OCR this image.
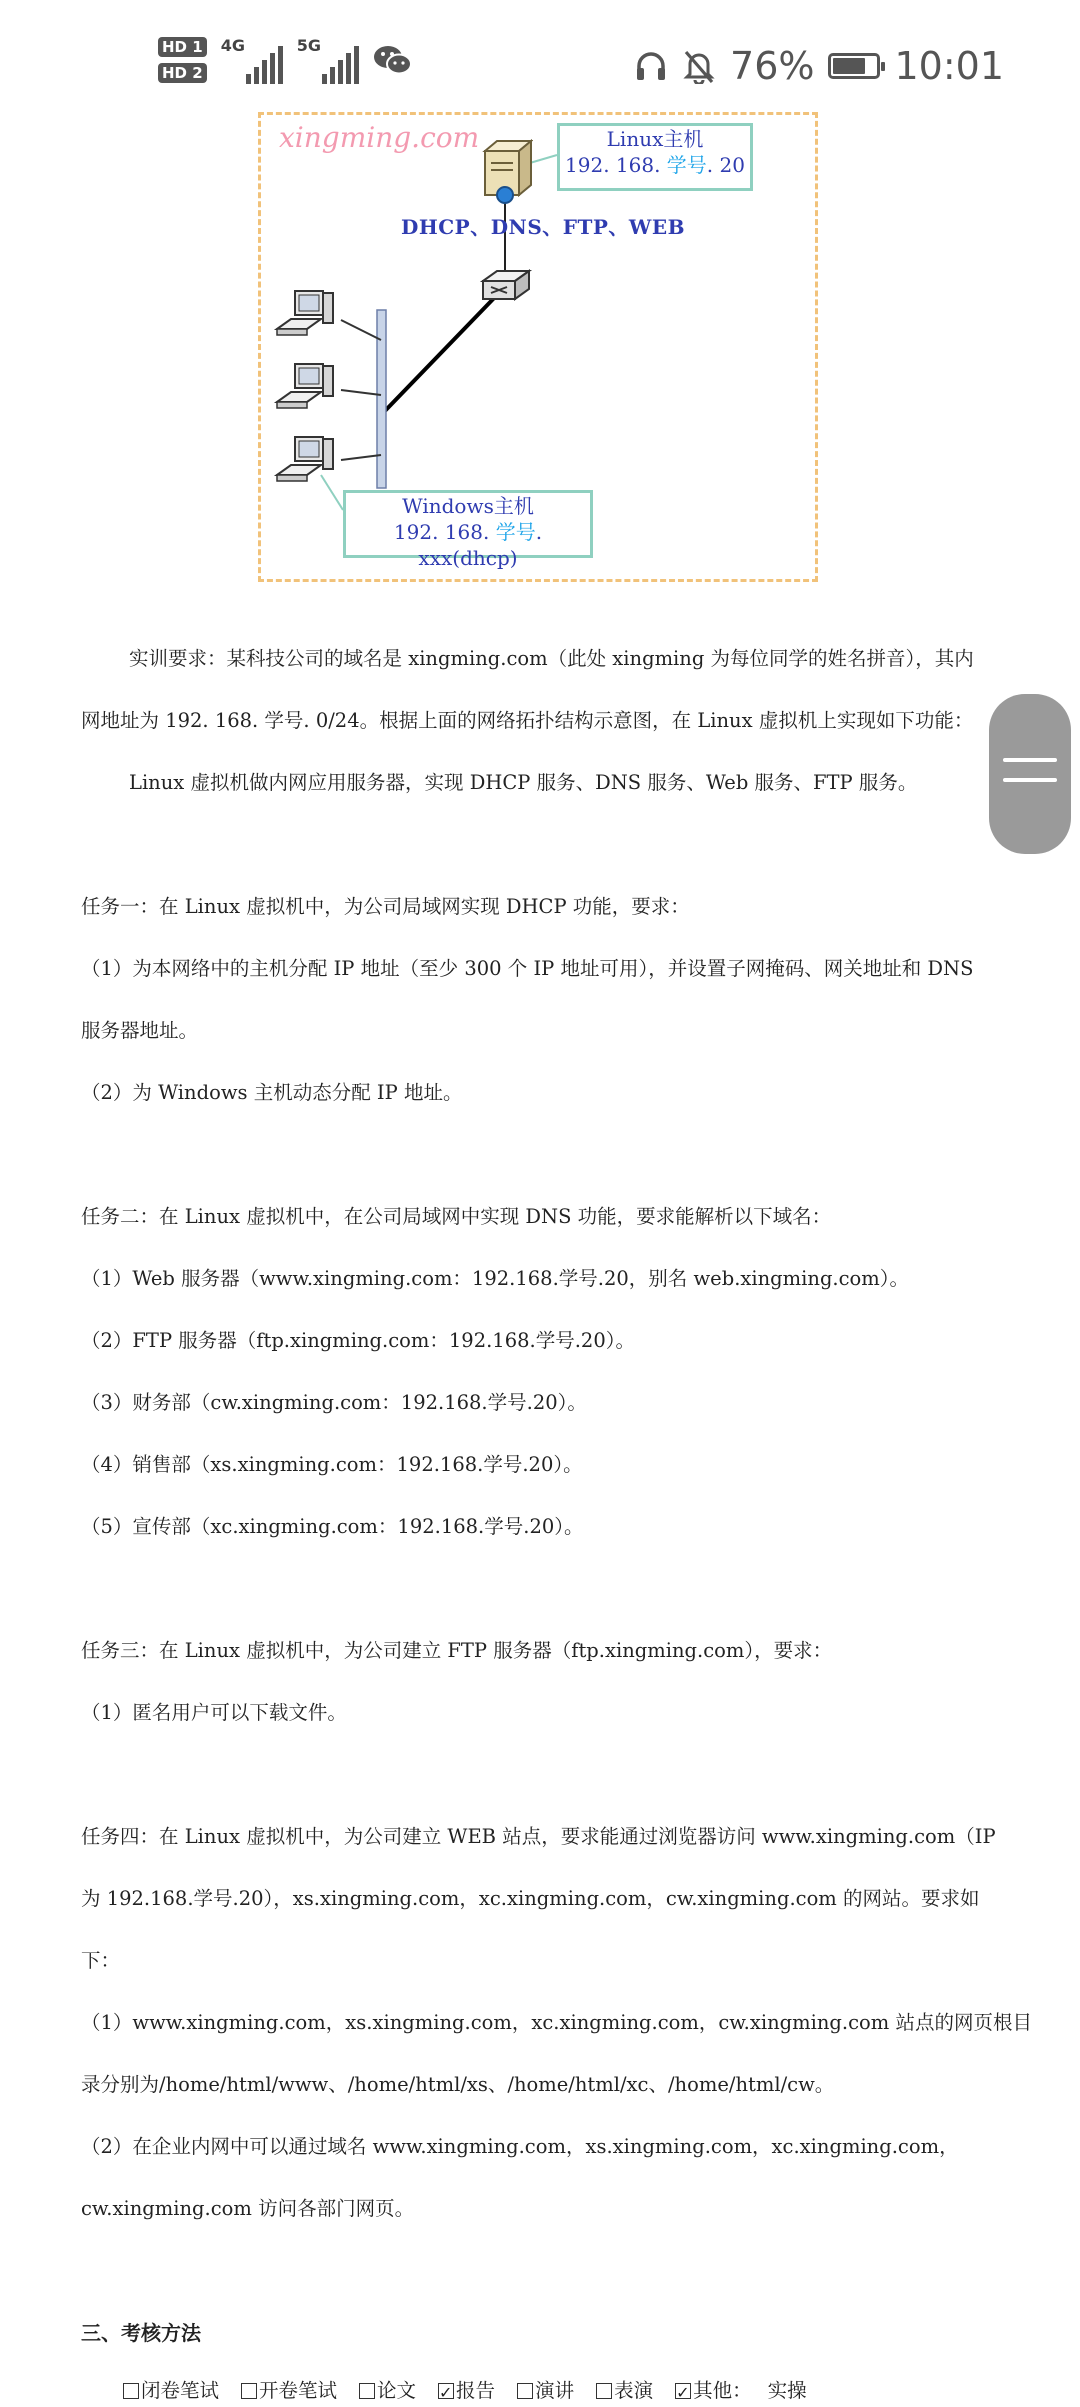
HD 1
HD 2
4G	5G	76% 10:01
xingming.com	Linux主机
192. 168. 学号. 20
DHCP、DNS、FTP、WEB
Windows主机
192. 168. 学号. xxx(dhcp)
实训要求：某科技公司的域名是 xingming.com（此处 xingming 为每位同学的姓名拼音），其内
网地址为 192. 168. 学号. 0/24。根据上面的网络拓扑结构示意图，在 Linux 虚拟机上实现如下功能：
Linux 虚拟机做内网应用服务器，实现 DHCP 服务、DNS 服务、Web 服务、FTP 服务。
任务一：在 Linux 虚拟机中，为公司局域网实现 DHCP 功能，要求：
（1）为本网络中的主机分配 IP 地址（至少 300 个 IP 地址可用），并设置子网掩码、网关地址和 DNS
服务器地址。
（2）为 Windows 主机动态分配 IP 地址。
任务二：在 Linux 虚拟机中，在公司局域网中实现 DNS 功能，要求能解析以下域名：
（1）Web 服务器（www.xingming.com：192.168.学号.20，别名 web.xingming.com）。
（2）FTP 服务器（ftp.xingming.com：192.168.学号.20）。
（3）财务部（cw.xingming.com：192.168.学号.20）。
（4）销售部（xs.xingming.com：192.168.学号.20）。
（5）宣传部（xc.xingming.com：192.168.学号.20）。
任务三：在 Linux 虚拟机中，为公司建立 FTP 服务器（ftp.xingming.com），要求：
（1）匿名用户可以下载文件。
任务四：在 Linux 虚拟机中，为公司建立 WEB 站点，要求能通过浏览器访问 www.xingming.com（IP
为 192.168.学号.20），xs.xingming.com，xc.xingming.com，cw.xingming.com 的网站。要求如
下：
（1）www.xingming.com，xs.xingming.com，xc.xingming.com，cw.xingming.com 站点的网页根目
录分别为/home/html/www、/home/html/xs、/home/html/xc、/home/html/cw。
（2）在企业内网中可以通过域名 www.xingming.com，xs.xingming.com，xc.xingming.com，
cw.xingming.com 访问各部门网页。
三、考核方法
闭卷笔试	开卷笔试	论文 ✓	报告	演讲	表演 ✓	其他： 实操
